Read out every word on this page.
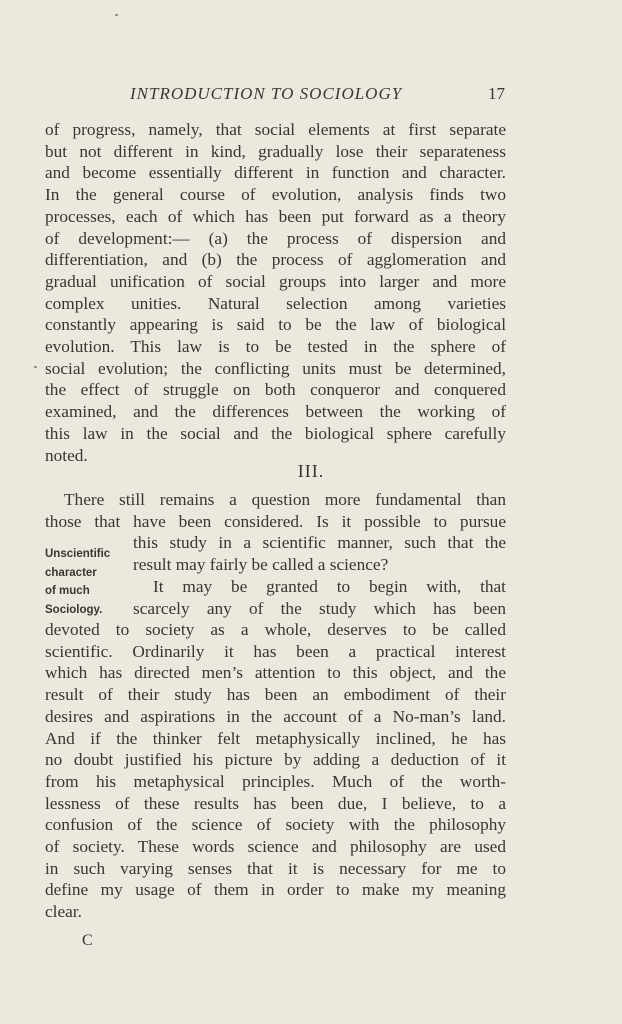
INTRODUCTION TO SOCIOLOGY	17
of progress, namely, that social elements at first separate
but not different in kind, gradually lose their separateness
and become essentially different in function and character.
In the general course of evolution, analysis finds two
processes, each of which has been put forward as a theory
of development:— (a) the process of dispersion and
differentiation, and (b) the process of agglomeration and
gradual unification of social groups into larger and more
complex unities. Natural selection among varieties
constantly appearing is said to be the law of biological
evolution. This law is to be tested in the sphere of
social evolution; the conflicting units must be determined,
the effect of struggle on both conqueror and conquered
examined, and the differences between the working of
this law in the social and the biological sphere carefully
noted.
III.
There still remains a question more fundamental than
those that have been considered. Is it possible to pursue
this study in a scientific manner, such that the
result may fairly be called a science?
Unscientific
character
of much
Sociology.
It may be granted to begin with, that
scarcely any of the study which has been
devoted to society as a whole, deserves to be called
scientific. Ordinarily it has been a practical interest
which has directed men’s attention to this object, and the
result of their study has been an embodiment of their
desires and aspirations in the account of a No-man’s land.
And if the thinker felt metaphysically inclined, he has
no doubt justified his picture by adding a deduction of it
from his metaphysical principles. Much of the worth-
lessness of these results has been due, I believe, to a
confusion of the science of society with the philosophy
of society. These words science and philosophy are used
in such varying senses that it is necessary for me to
define my usage of them in order to make my meaning
clear.
C
